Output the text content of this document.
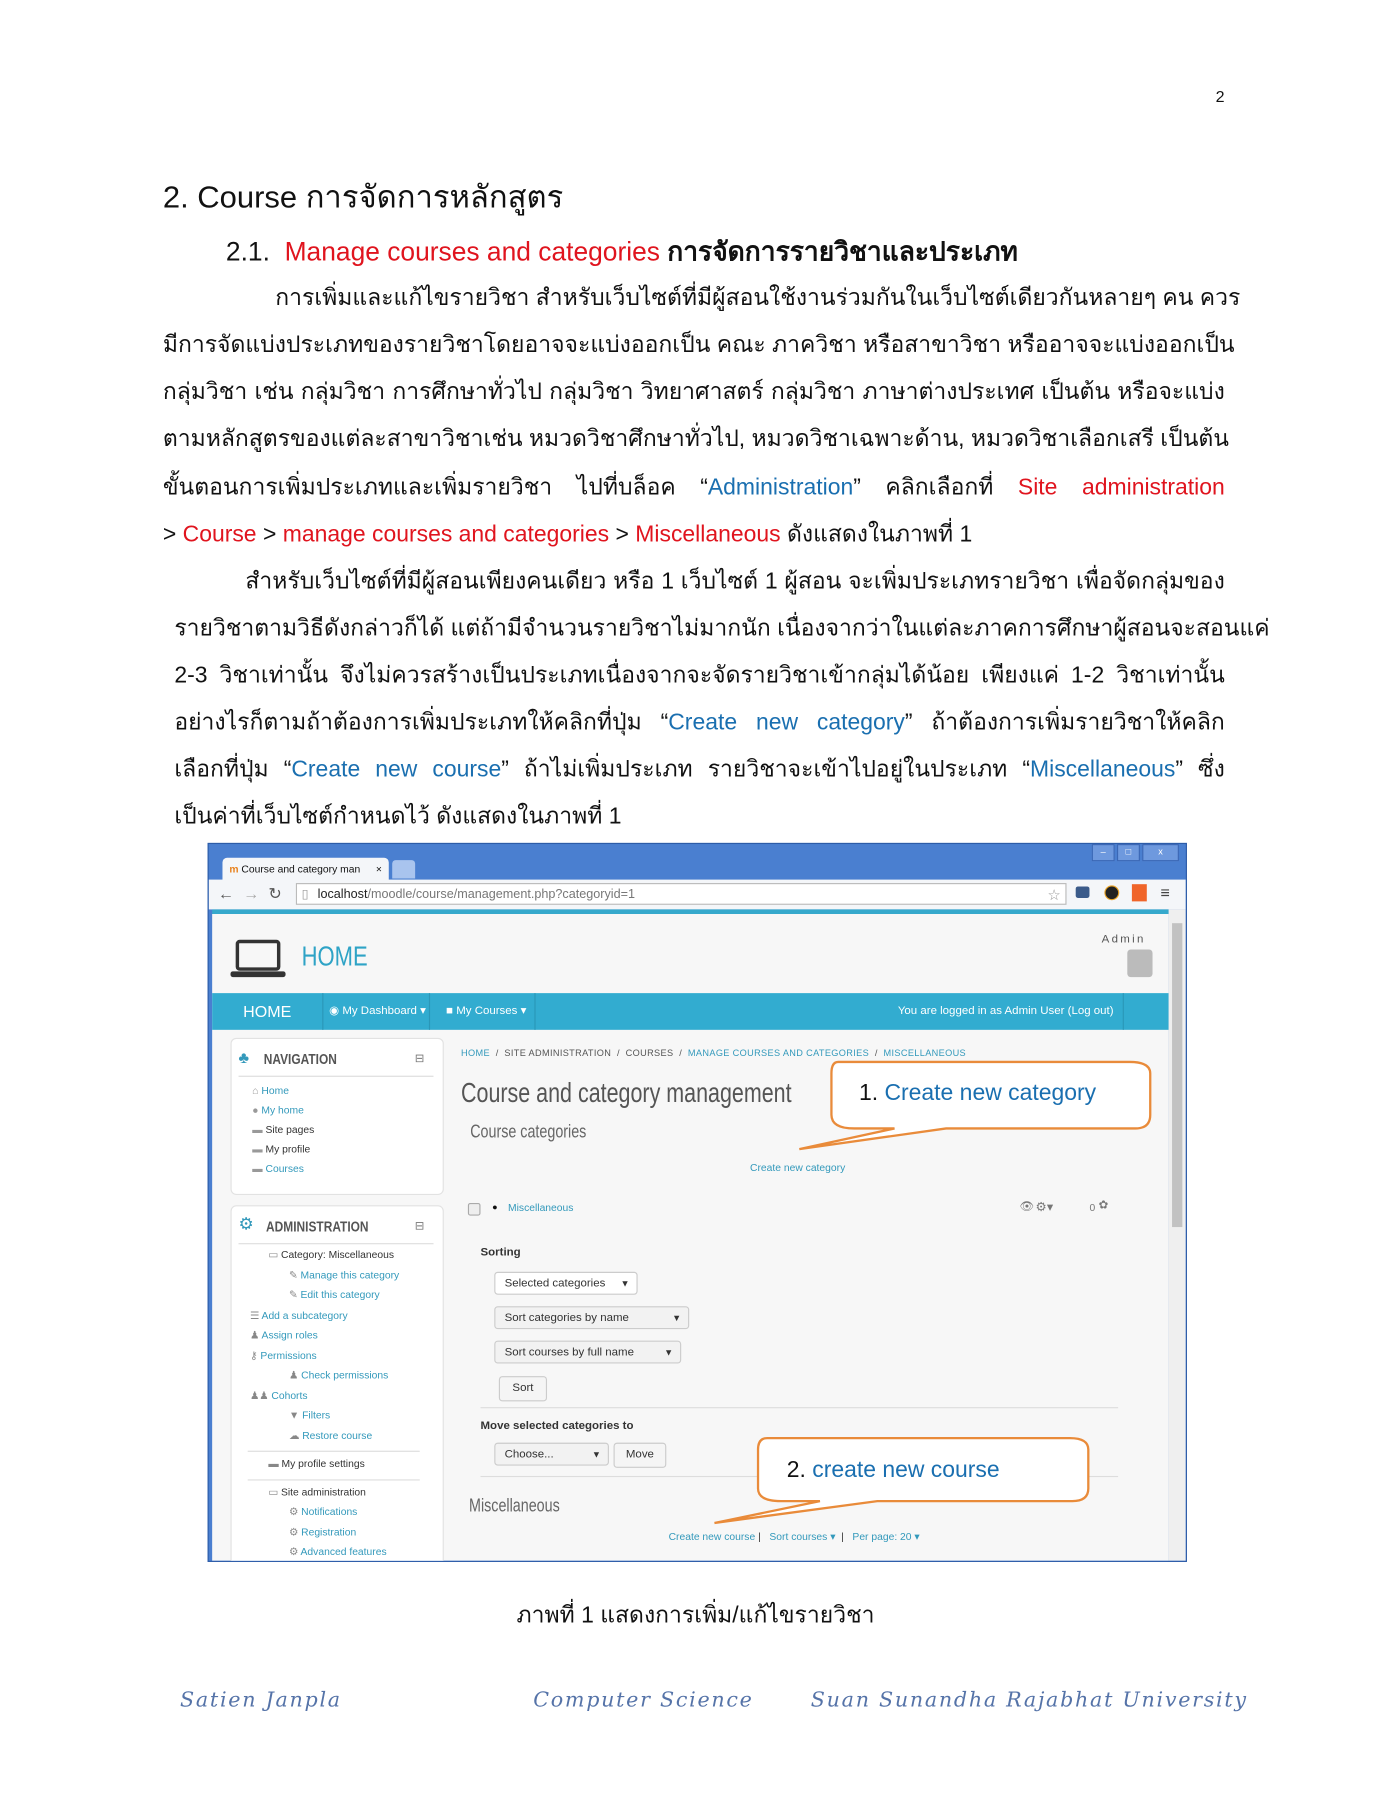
2
2. Course การจัดการหลักสูตร
2.1. Manage courses and categories การจัดการรายวิชาและประเภท
การเพิ่มและแก้ไขรายวิชา สำหรับเว็บไซต์ที่มีผู้สอนใช้งานร่วมกันในเว็บไซต์เดียวกันหลายๆ คน ควร
มีการจัดแบ่งประเภทของรายวิชาโดยอาจจะแบ่งออกเป็น คณะ ภาควิชา หรือสาขาวิชา หรืออาจจะแบ่งออกเป็น
กลุ่มวิชา เช่น กลุ่มวิชา การศึกษาทั่วไป กลุ่มวิชา วิทยาศาสตร์ กลุ่มวิชา ภาษาต่างประเทศ เป็นต้น หรือจะแบ่ง
ตามหลักสูตรของแต่ละสาขาวิชาเช่น หมวดวิชาศึกษาทั่วไป, หมวดวิชาเฉพาะด้าน, หมวดวิชาเลือกเสรี เป็นต้น
ขั้นตอนการเพิ่มประเภทและเพิ่มรายวิชา ไปที่บล็อค “Administration” คลิกเลือกที่ Site administration
> Course > manage courses and categories > Miscellaneous ดังแสดงในภาพที่ 1
สำหรับเว็บไซต์ที่มีผู้สอนเพียงคนเดียว หรือ 1 เว็บไซต์ 1 ผู้สอน จะเพิ่มประเภทรายวิชา เพื่อจัดกลุ่มของ
รายวิชาตามวิธีดังกล่าวก็ได้ แต่ถ้ามีจำนวนรายวิชาไม่มากนัก เนื่องจากว่าในแต่ละภาคการศึกษาผู้สอนจะสอนแค่
2-3 วิชาเท่านั้น จึงไม่ควรสร้างเป็นประเภทเนื่องจากจะจัดรายวิชาเข้ากลุ่มได้น้อย เพียงแค่ 1-2 วิชาเท่านั้น
อย่างไรก็ตามถ้าต้องการเพิ่มประเภทให้คลิกที่ปุ่ม “Create new category” ถ้าต้องการเพิ่มรายวิชาให้คลิก
เลือกที่ปุ่ม “Create new course” ถ้าไม่เพิ่มประเภท รายวิชาจะเข้าไปอยู่ในประเภท “Miscellaneous” ซึ่ง
เป็นค่าที่เว็บไซต์กำหนดไว้ ดังแสดงในภาพที่ 1
m Course and category man ×
–	□	x
← → ↻ ▯ localhost/moodle/course/management.php?categoryid=1	☆	≡
HOME
Admin
HOME	◉ My Dashboard ▾	■ My Courses ▾	You are logged in as Admin User (Log out)
♣ NAVIGATION	⊟
⌂ Home
● My home
▬ Site pages
▬ My profile
▬ Courses
⚙ ADMINISTRATION	⊟
▭ Category: Miscellaneous
✎ Manage this category
✎ Edit this category
☰ Add a subcategory
♟ Assign roles
⚷ Permissions
♟ Check permissions
♟♟ Cohorts
▼ Filters
☁ Restore course
▬ My profile settings
▭ Site administration
⚙ Notifications
⚙ Registration
⚙ Advanced features
HOME  /  SITE ADMINISTRATION  /  COURSES  /  MANAGE COURSES AND CATEGORIES  /  MISCELLANEOUS
Course and category management
Course categories
Create new category
● Miscellaneous	👁 ⚙▾	0 ✿
Sorting
Selected categories ▼
Sort categories by name	▼
Sort courses by full name	▼
Sort
Move selected categories to
Choose...	▼	Move
Miscellaneous
Create new course |   Sort courses ▾  |   Per page: 20 ▾
1. Create new category
2. create new course
ภาพที่ 1 แสดงการเพิ่ม/แก้ไขรายวิชา
Satien Janpla	Computer Science	Suan Sunandha Rajabhat University
